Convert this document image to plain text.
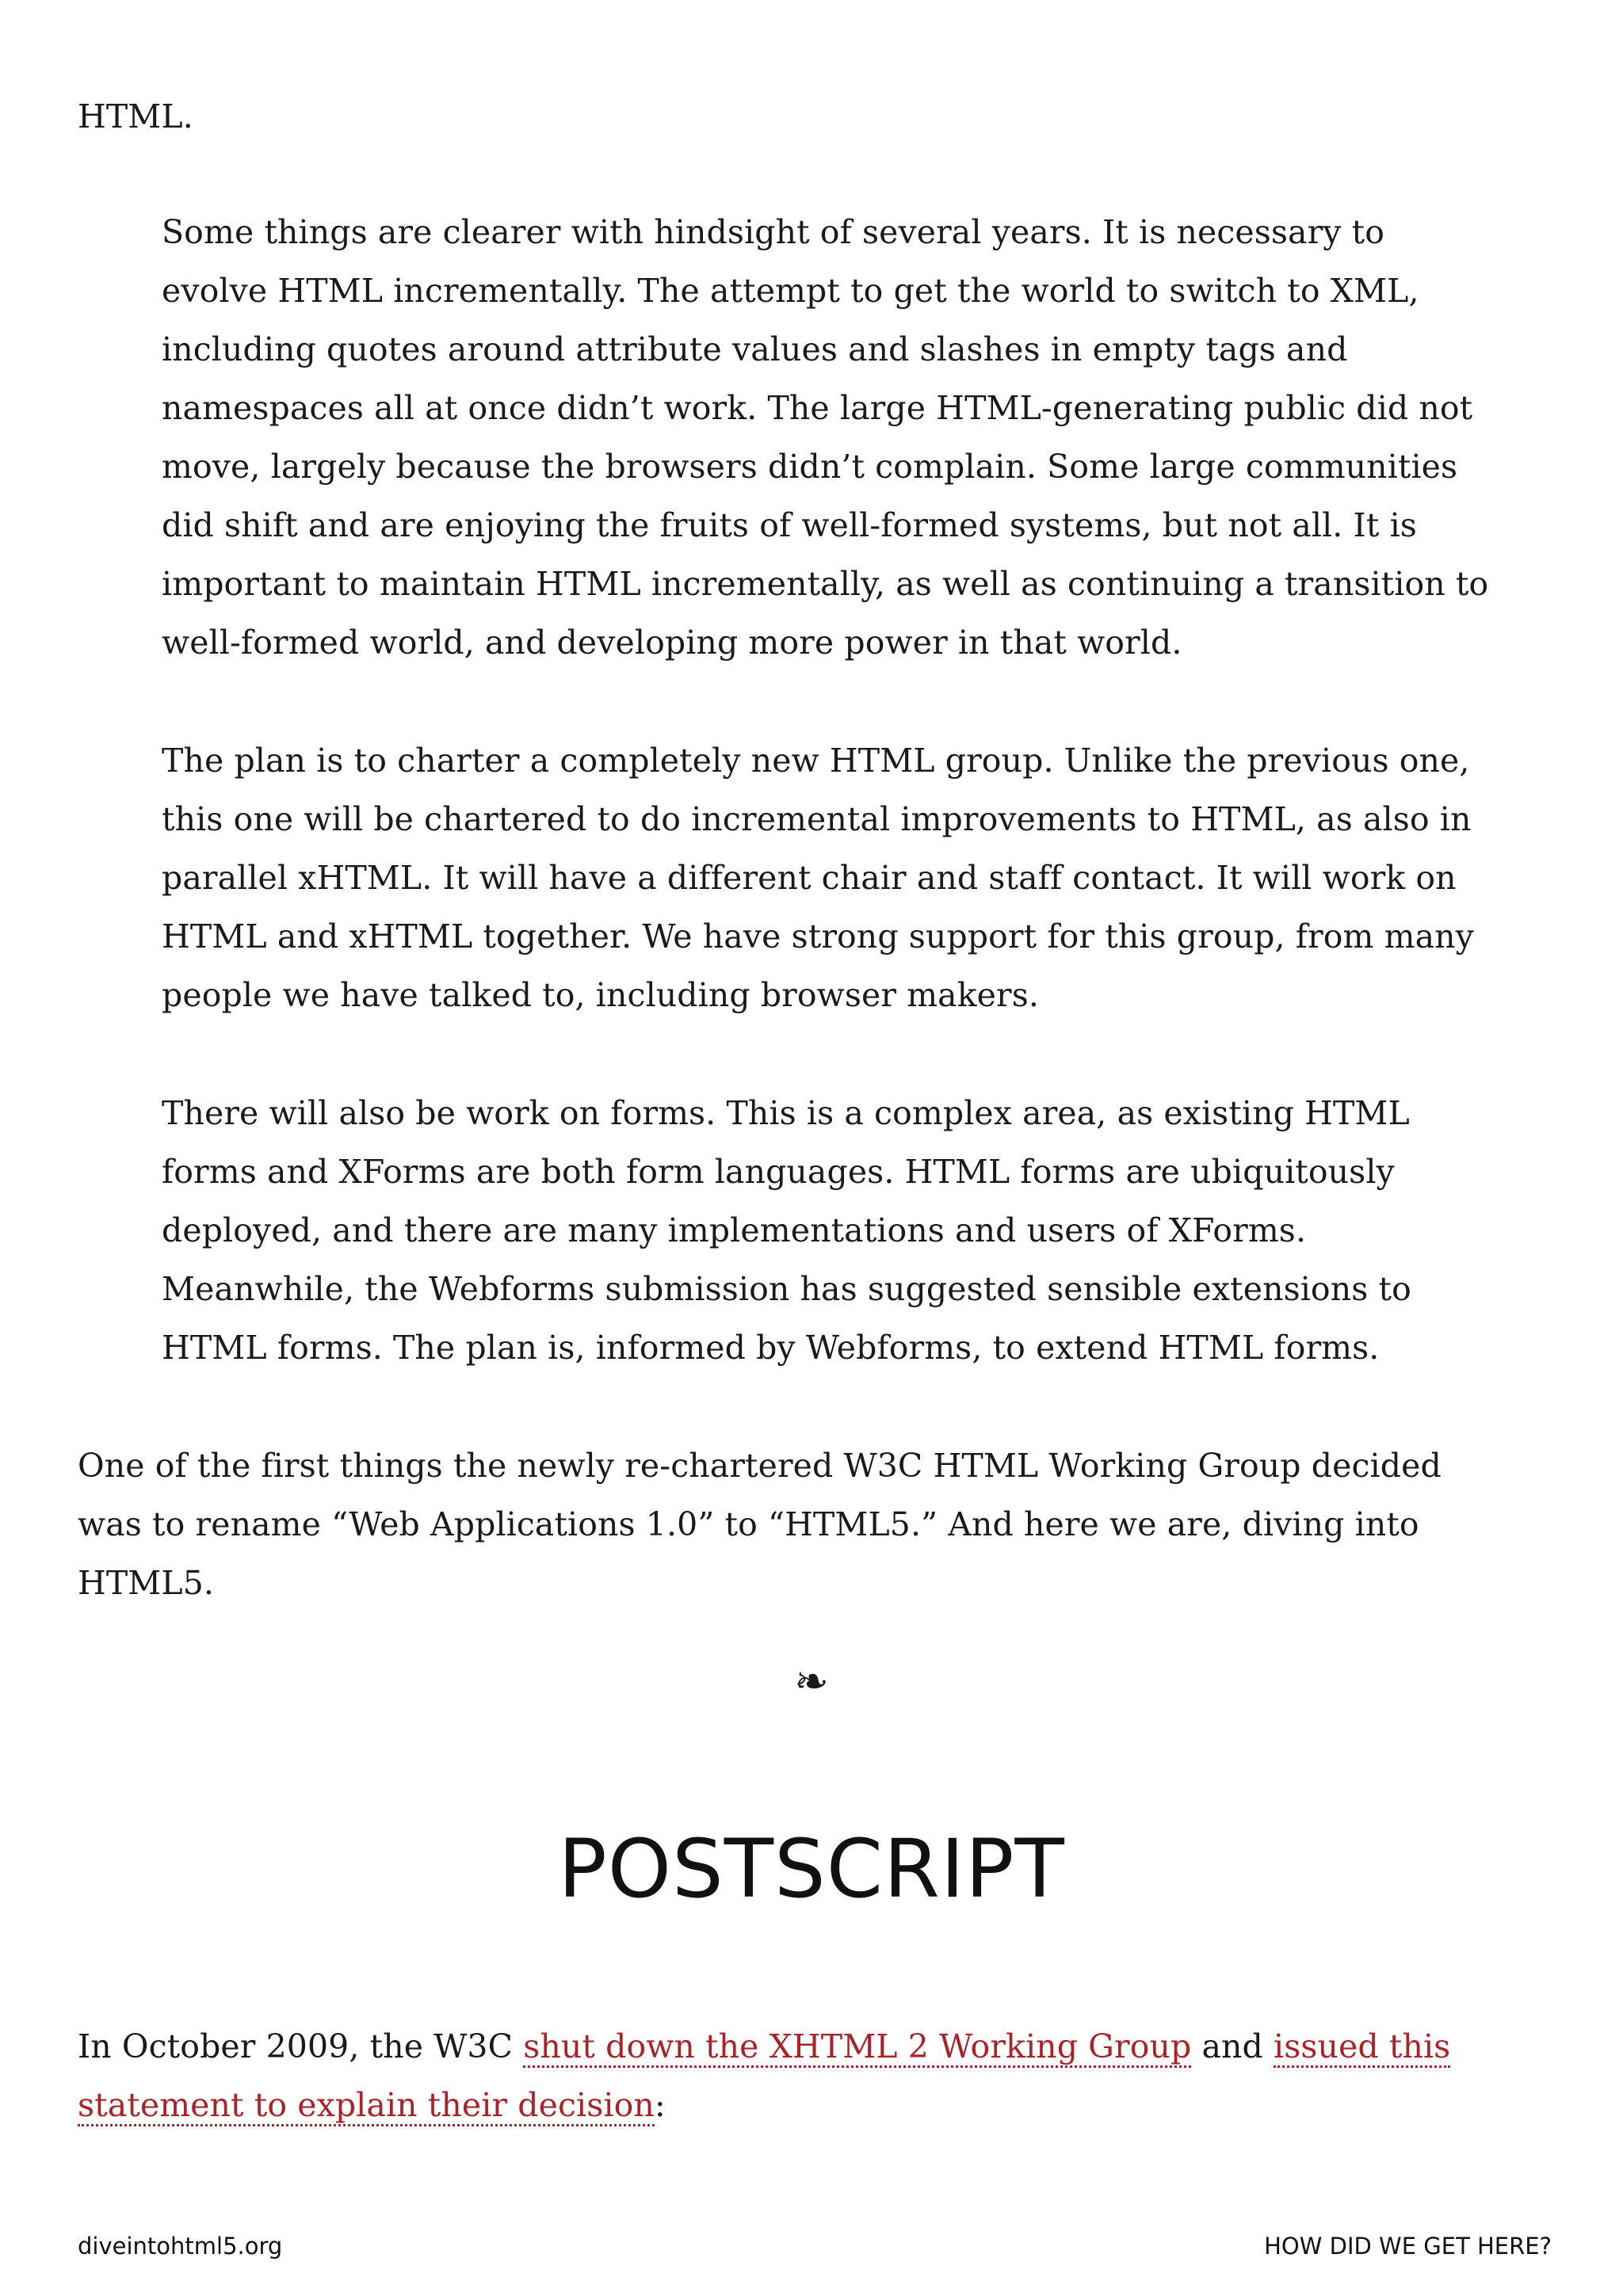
HTML.

Some things are clearer with hindsight of several years. It is necessary to evolve HTML incrementally. The attempt to get the world to switch to XML, including quotes around attribute values and slashes in empty tags and namespaces all at once didn’t work. The large HTML-generating public did not move, largely because the browsers didn’t complain. Some large communities did shift and are enjoying the fruits of well-formed systems, but not all. It is important to maintain HTML incrementally, as well as continuing a transition to well-formed world, and developing more power in that world.

The plan is to charter a completely new HTML group. Unlike the previous one, this one will be chartered to do incremental improvements to HTML, as also in parallel xHTML. It will have a different chair and staff contact. It will work on HTML and xHTML together. We have strong support for this group, from many people we have talked to, including browser makers.

There will also be work on forms. This is a complex area, as existing HTML forms and XForms are both form languages. HTML forms are ubiquitously deployed, and there are many implementations and users of XForms. Meanwhile, the Webforms submission has suggested sensible extensions to HTML forms. The plan is, informed by Webforms, to extend HTML forms.

One of the first things the newly re-chartered W3C HTML Working Group decided was to rename “Web Applications 1.0” to “HTML5.” And here we are, diving into HTML5.

❧
POSTSCRIPT

In October 2009, the W3C shut down the XHTML 2 Working Group and issued this statement to explain their decision:

diveintohtml5.org	HOW DID WE GET HERE?
